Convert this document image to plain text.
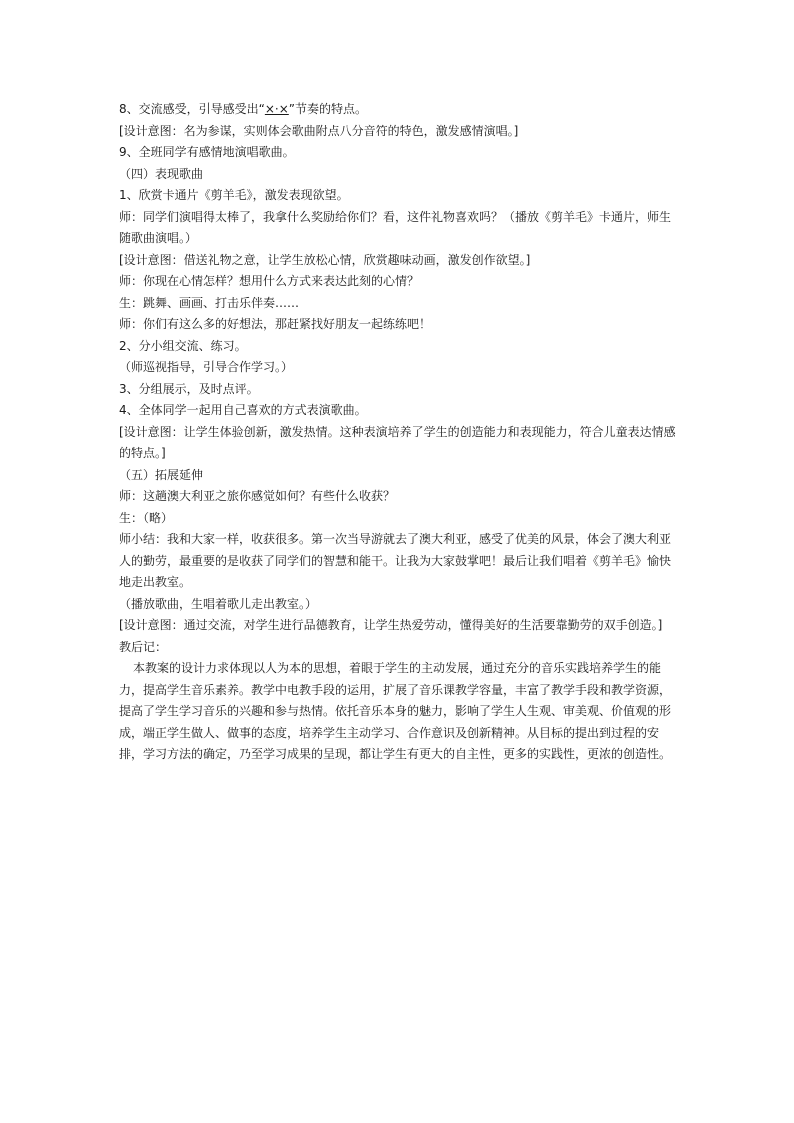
8、交流感受，引导感受出“×·×”节奏的特点。

[设计意图：名为参谋，实则体会歌曲附点八分音符的特色，激发感情演唱。]

9、全班同学有感情地演唱歌曲。

（四）表现歌曲

1、欣赏卡通片《剪羊毛》，激发表现欲望。

师：同学们演唱得太棒了，我拿什么奖励给你们？看，这件礼物喜欢吗？（播放《剪羊毛》卡通片，师生随歌曲演唱。）

[设计意图：借送礼物之意，让学生放松心情，欣赏趣味动画，激发创作欲望。]

师：你现在心情怎样？想用什么方式来表达此刻的心情？

生：跳舞、画画、打击乐伴奏……

师：你们有这么多的好想法，那赶紧找好朋友一起练练吧！

2、分小组交流、练习。

（师巡视指导，引导合作学习。）

3、分组展示，及时点评。

4、全体同学一起用自己喜欢的方式表演歌曲。

[设计意图：让学生体验创新，激发热情。这种表演培养了学生的创造能力和表现能力，符合儿童表达情感的特点。]

（五）拓展延伸

师：这趟澳大利亚之旅你感觉如何？有些什么收获？

生：（略）

师小结：我和大家一样，收获很多。第一次当导游就去了澳大利亚，感受了优美的风景，体会了澳大利亚人的勤劳，最重要的是收获了同学们的智慧和能干。让我为大家鼓掌吧！最后让我们唱着《剪羊毛》愉快地走出教室。

（播放歌曲，生唱着歌儿走出教室。）

[设计意图：通过交流，对学生进行品德教育，让学生热爱劳动，懂得美好的生活要靠勤劳的双手创造。]

教后记：

本教案的设计力求体现以人为本的思想，着眼于学生的主动发展，通过充分的音乐实践培养学生的能力，提高学生音乐素养。教学中电教手段的运用，扩展了音乐课教学容量，丰富了教学手段和教学资源，提高了学生学习音乐的兴趣和参与热情。依托音乐本身的魅力，影响了学生人生观、审美观、价值观的形成，端正学生做人、做事的态度，培养学生主动学习、合作意识及创新精神。从目标的提出到过程的安排，学习方法的确定，乃至学习成果的呈现，都让学生有更大的自主性，更多的实践性，更浓的创造性。
